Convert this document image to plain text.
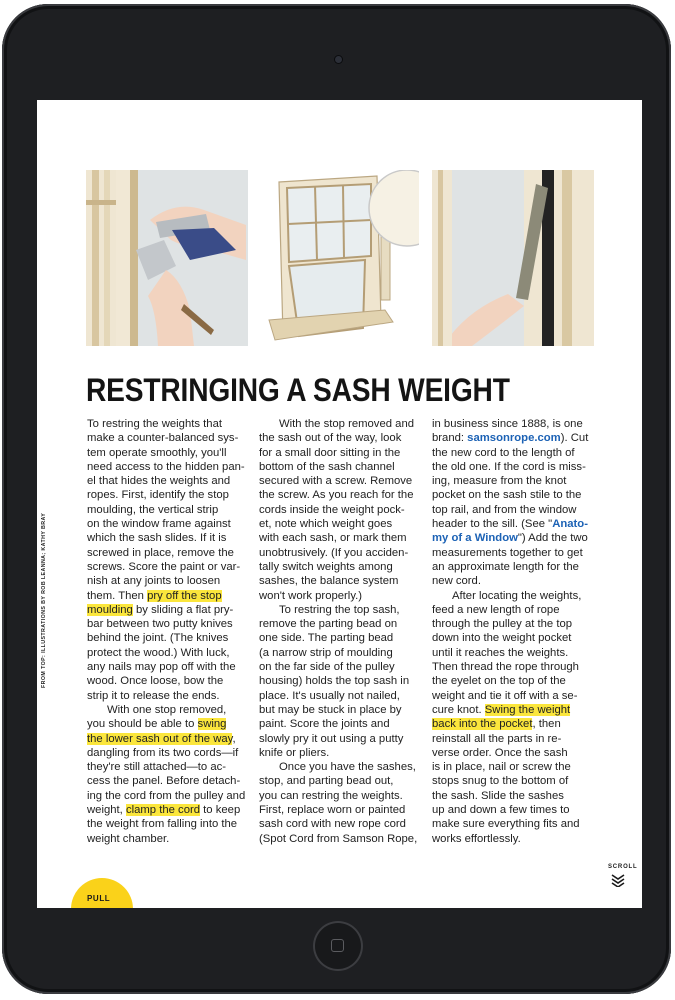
FROM TOP: ILLUSTRATIONS BY ROB LEANNA; KATHY BRAY
RESTRINGING A SASH WEIGHT
To restring the weights that
make a counter-balanced sys-
tem operate smoothly, you'll
need access to the hidden pan-
el that hides the weights and
ropes. First, identify the stop
moulding, the vertical strip
on the window frame against
which the sash slides. If it is
screwed in place, remove the
screws. Score the paint or var-
nish at any joints to loosen
them. Then pry off the stop
moulding by sliding a flat pry-
bar between two putty knives
behind the joint. (The knives
protect the wood.) With luck,
any nails may pop off with the
wood. Once loose, bow the
strip it to release the ends.
With one stop removed,
you should be able to swing
the lower sash out of the way,
dangling from its two cords—if
they're still attached—to ac-
cess the panel. Before detach-
ing the cord from the pulley and
weight, clamp the cord to keep
the weight from falling into the
weight chamber.
With the stop removed and
the sash out of the way, look
for a small door sitting in the
bottom of the sash channel
secured with a screw. Remove
the screw. As you reach for the
cords inside the weight pock-
et, note which weight goes
with each sash, or mark them
unobtrusively. (If you acciden-
tally switch weights among
sashes, the balance system
won't work properly.)
To restring the top sash,
remove the parting bead on
one side. The parting bead
(a narrow strip of moulding
on the far side of the pulley
housing) holds the top sash in
place. It's usually not nailed,
but may be stuck in place by
paint. Score the joints and
slowly pry it out using a putty
knife or pliers.
Once you have the sashes,
stop, and parting bead out,
you can restring the weights.
First, replace worn or painted
sash cord with new rope cord
(Spot Cord from Samson Rope,
in business since 1888, is one
brand: samsonrope.com). Cut
the new cord to the length of
the old one. If the cord is miss-
ing, measure from the knot
pocket on the sash stile to the
top rail, and from the window
header to the sill. (See "Anato-
my of a Window") Add the two
measurements together to get
an approximate length for the
new cord.
After locating the weights,
feed a new length of rope
through the pulley at the top
down into the weight pocket
until it reaches the weights.
Then thread the rope through
the eyelet on the top of the
weight and tie it off with a se-
cure knot. Swing the weight
back into the pocket, then
reinstall all the parts in re-
verse order. Once the sash
is in place, nail or screw the
stops snug to the bottom of
the sash. Slide the sashes
up and down a few times to
make sure everything fits and
works effortlessly.
SCROLL
PULL
